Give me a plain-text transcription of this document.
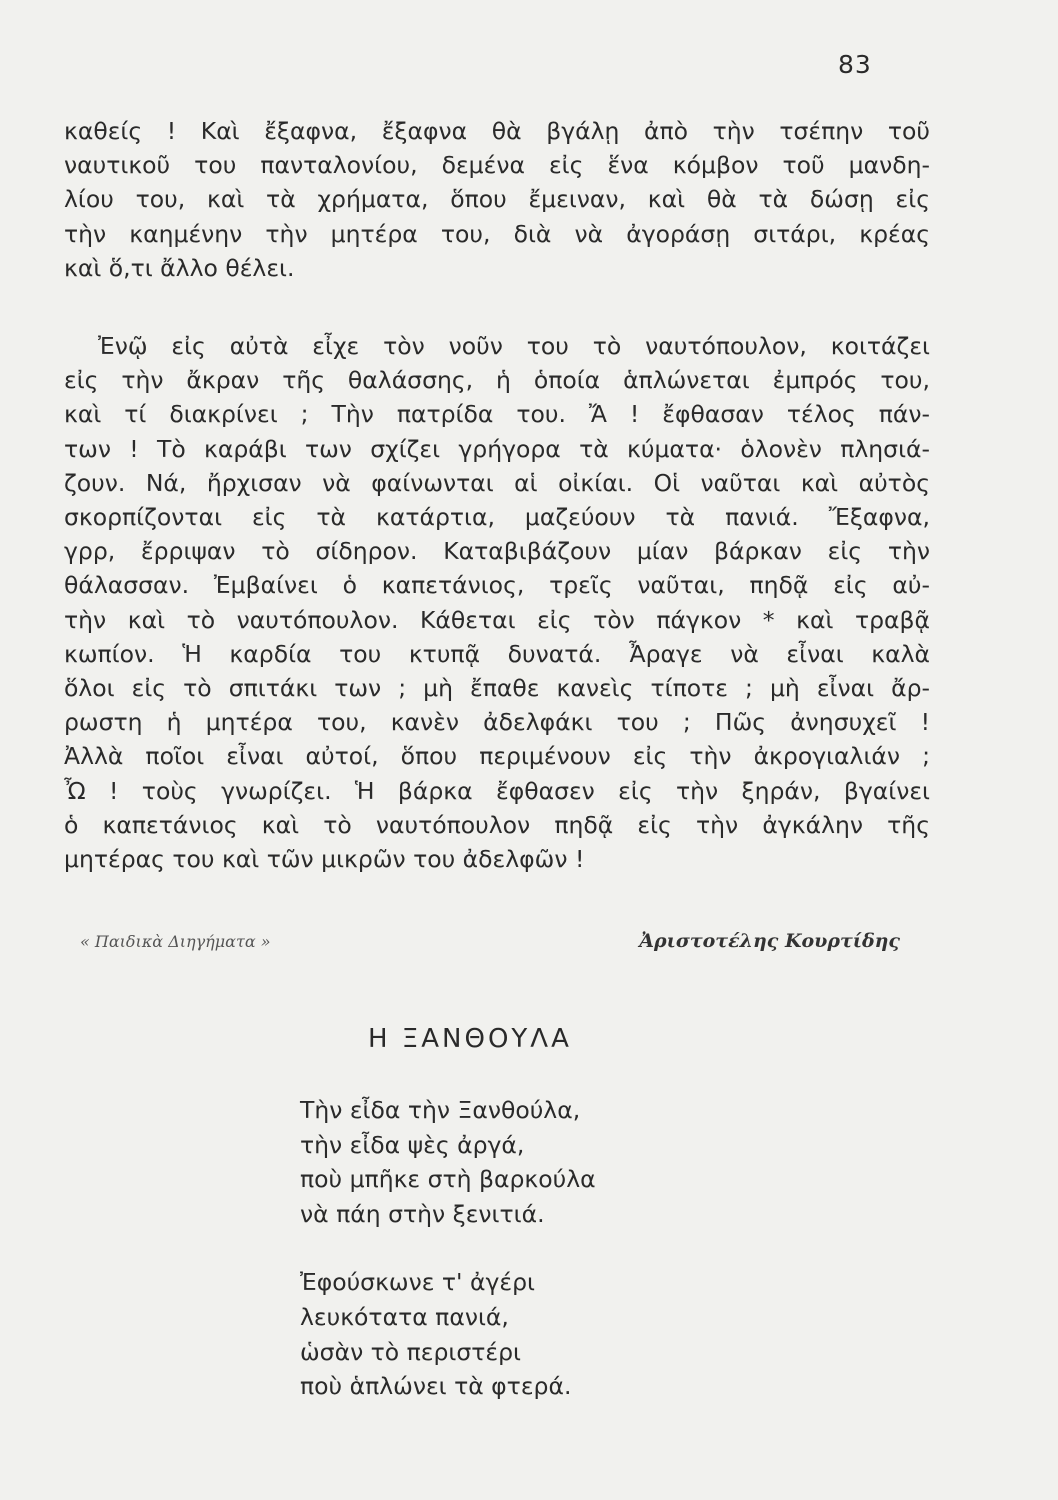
83
καθείς ! Καὶ ἔξαφνα, ἔξαφνα θὰ βγάλῃ ἀπὸ τὴν τσέπην τοῦ
ναυτικοῦ του πανταλονίου, δεμένα εἰς ἕνα κόμβον τοῦ μανδη-
λίου του, καὶ τὰ χρήματα, ὅπου ἔμειναν, καὶ θὰ τὰ δώσῃ εἰς
τὴν καημένην τὴν μητέρα του, διὰ νὰ ἀγοράσῃ σιτάρι, κρέας
καὶ ὅ,τι ἄλλο θέλει.
Ἐνῷ εἰς αὐτὰ εἶχε τὸν νοῦν του τὸ ναυτόπουλον, κοιτάζει
εἰς τὴν ἄκραν τῆς θαλάσσης, ἡ ὁποία ἁπλώνεται ἐμπρός του,
καὶ τί διακρίνει ; Τὴν πατρίδα του. Ἄ ! ἔφθασαν τέλος πάν-
των ! Τὸ καράβι των σχίζει γρήγορα τὰ κύματα· ὁλονὲν πλησιά-
ζουν. Νά, ἤρχισαν νὰ φαίνωνται αἱ οἰκίαι. Οἱ ναῦται καὶ αὐτὸς
σκορπίζονται εἰς τὰ κατάρτια, μαζεύουν τὰ πανιά. Ἔξαφνα,
γρρ, ἔρριψαν τὸ σίδηρον. Καταβιβάζουν μίαν βάρκαν εἰς τὴν
θάλασσαν. Ἐμβαίνει ὁ καπετάνιος, τρεῖς ναῦται, πηδᾷ εἰς αὐ-
τὴν καὶ τὸ ναυτόπουλον. Κάθεται εἰς τὸν πάγκον * καὶ τραβᾷ
κωπίον. Ἡ καρδία του κτυπᾷ δυνατά. Ἆραγε νὰ εἶναι καλὰ
ὅλοι εἰς τὸ σπιτάκι των ; μὴ ἔπαθε κανεὶς τίποτε ; μὴ εἶναι ἄρ-
ρωστη ἡ μητέρα του, κανὲν ἀδελφάκι του ; Πῶς ἀνησυχεῖ !
Ἀλλὰ ποῖοι εἶναι αὐτοί, ὅπου περιμένουν εἰς τὴν ἀκρογιαλιάν ;
Ὦ ! τοὺς γνωρίζει. Ἡ βάρκα ἔφθασεν εἰς τὴν ξηράν, βγαίνει
ὁ καπετάνιος καὶ τὸ ναυτόπουλον πηδᾷ εἰς τὴν ἀγκάλην τῆς
μητέρας του καὶ τῶν μικρῶν του ἀδελφῶν !
« Παιδικὰ Διηγήματα »	Ἀριστοτέλης Κουρτίδης
Η ΞΑΝΘΟΥΛΑ
Τὴν εἶδα τὴν Ξανθούλα,
τὴν εἶδα ψὲς ἀργά,
ποὺ μπῆκε στὴ βαρκούλα
νὰ πάη στὴν ξενιτιά.
Ἐφούσκωνε τ' ἀγέρι
λευκότατα πανιά,
ὡσὰν τὸ περιστέρι
ποὺ ἁπλώνει τὰ φτερά.
